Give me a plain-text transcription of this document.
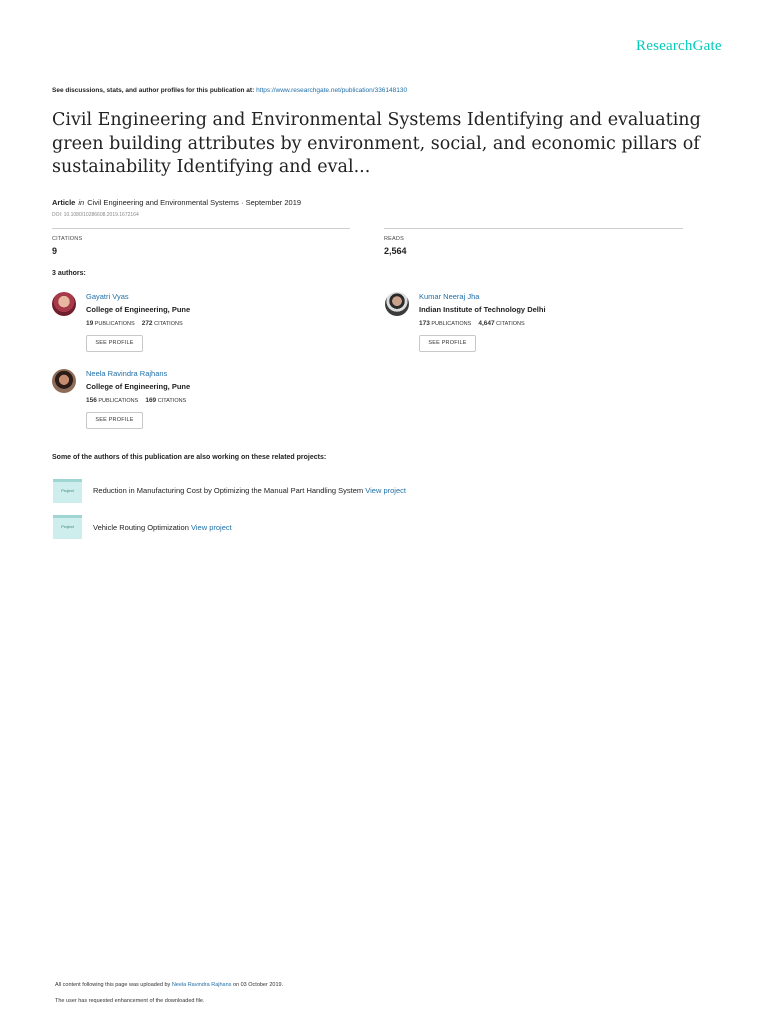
ResearchGate
See discussions, stats, and author profiles for this publication at: https://www.researchgate.net/publication/336148130
Civil Engineering and Environmental Systems Identifying and evaluating green building attributes by environment, social, and economic pillars of sustainability Identifying and eval...
Article in Civil Engineering and Environmental Systems · September 2019
DOI: 10.1080/10286608.2019.1672164
CITATIONS
9
READS
2,564
3 authors:
Gayatri Vyas
College of Engineering, Pune
19 PUBLICATIONS 272 CITATIONS
SEE PROFILE
Kumar Neeraj Jha
Indian Institute of Technology Delhi
173 PUBLICATIONS 4,647 CITATIONS
SEE PROFILE
Neela Ravindra Rajhans
College of Engineering, Pune
156 PUBLICATIONS 169 CITATIONS
SEE PROFILE
Some of the authors of this publication are also working on these related projects:
Project	Reduction in Manufacturing Cost by Optimizing the Manual Part Handling System View project
Project	Vehicle Routing Optimization View project
All content following this page was uploaded by Neela Ravindra Rajhans on 03 October 2019.
The user has requested enhancement of the downloaded file.
